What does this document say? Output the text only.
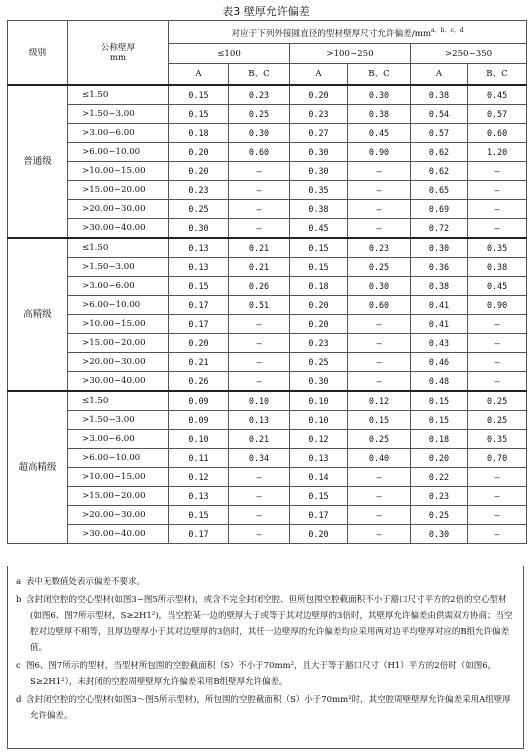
表3 壁厚允许偏差
级别	公称壁厚
mm	对应于下列外接圆直径的型材壁厚尺寸允许偏差$/mm^{a、b、c、d}$
		≤100		>100~250		>250~350	
		A	B、C	A	B、C	A	B、C
普通级	≤1.50	0.15	0.23	0.20	0.30	0.38	0.45
	>1.50~3.00	0.15	0.25	0.23	0.38	0.54	0.57
	>3.00~6.00	0.18	0.30	0.27	0.45	0.57	0.60
	>6.00~10.00	0.20	0.60	0.30	0.90	0.62	1.20
	>10.00~15.00	0.20	–	0.30	–	0.62	–
	>15.00~20.00	0.23	–	0.35	–	0.65	–
	>20.00~30.00	0.25	–	0.38	–	0.69	–
	>30.00~40.00	0.30	–	0.45	–	0.72	–
高精级	≤1.50	0.13	0.21	0.15	0.23	0.30	0.35
	>1.50~3.00	0.13	0.21	0.15	0.25	0.36	0.38
	>3.00~6.00	0.15	0.26	0.18	0.30	0.38	0.45
	>6.00~10.00	0.17	0.51	0.20	0.60	0.41	0.90
	>10.00~15.00	0.17	–	0.20	–	0.41	–
	>15.00~20.00	0.20	–	0.23	–	0.43	–
	>20.00~30.00	0.21	–	0.25	–	0.46	–
	>30.00~40.00	0.26	–	0.30	–	0.48	–
超高精级	≤1.50	0.09	0.10	0.10	0.12	0.15	0.25
	>1.50~3.00	0.09	0.13	0.10	0.15	0.15	0.25
	>3.00~6.00	0.10	0.21	0.12	0.25	0.18	0.35
	>6.00~10.00	0.11	0.34	0.13	0.40	0.20	0.70
	>10.00~15.00	0.12	–	0.14	–	0.22	–
	>15.00~20.00	0.13	–	0.15	–	0.23	–
	>20.00~30.00	0.15	–	0.17	–	0.25	–
	>30.00~40.00	0.17	–	0.20	–	0.30	–
a 表中无数值处表示偏差不要求。
b 含封闭空腔的空心型材(如图3~图5所示型材)，或含不完全封闭空腔、但所包围空腔截面积不小于豁口尺寸平方的2倍的空心型材(如图6、图7所示型材，S≥2H1²)，当空腔某一边的壁厚大于或等于其对边壁厚的3倍时，其壁厚允许偏差由供需双方协商；当空腔对边壁厚不相等，且厚边壁厚小于其对边壁厚的3倍时，其任一边壁厚的允许偏差均应采用两对边平均壁厚对应的B组允许偏差值。
c 图6、图7所示的型材，当型材所包围的空腔截面积（S）不小于70mm²，且大于等于豁口尺寸（H1）平方的2倍时（如图6，S≥2H1²），未封闭的空腔周壁壁厚允许偏差采用B组壁厚允许偏差。
d 含封闭空腔的空心型材(如图3～图5所示型材)，所包围的空腔截面积（S）小于70mm²时，其空腔周壁壁厚允许偏差采用A组壁厚允许偏差。
